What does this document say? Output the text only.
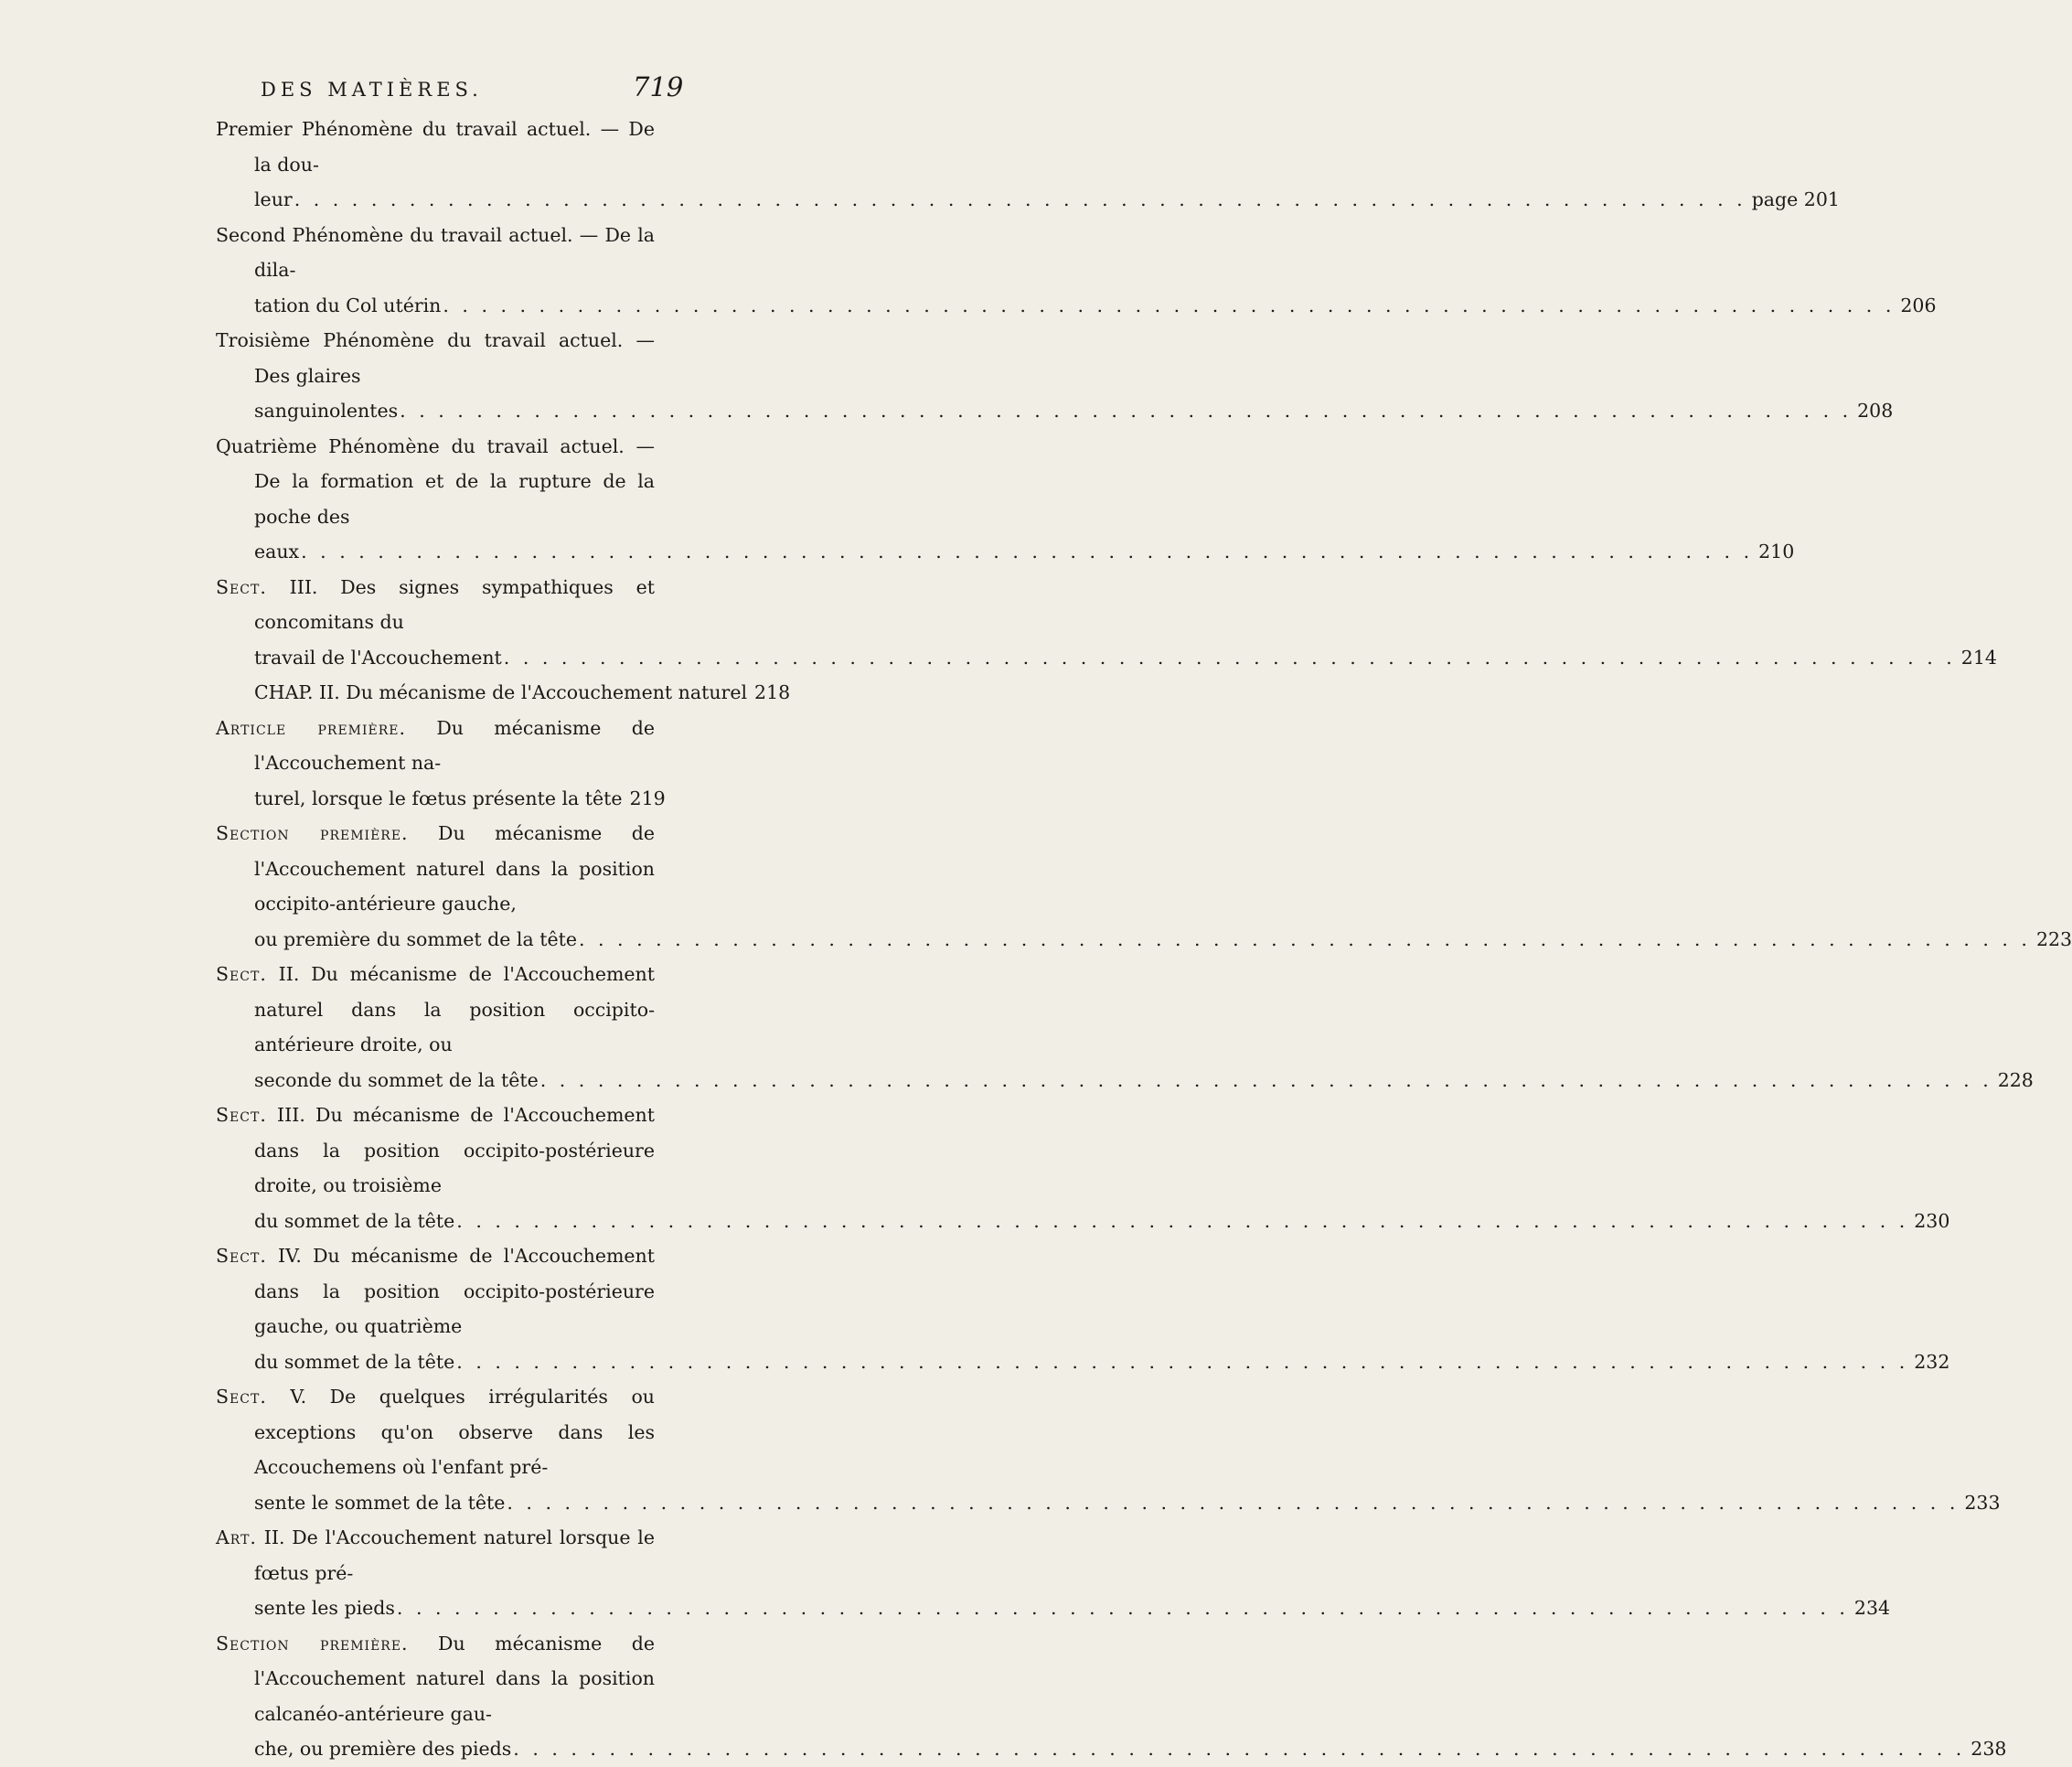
DES MATIÈRES.	719
Premier Phénomène du travail actuel. — De la dou-
leur . . .	page 201
Second Phénomène du travail actuel. — De la dila-
tation du Col utérin . . .	206
Troisième Phénomène du travail actuel. — Des glaires
sanguinolentes . . .	208
Quatrième Phénomène du travail actuel. — De la formation et de la rupture de la poche des
eaux . . .	210
Sect. III. Des signes sympathiques et concomitans du
travail de l'Accouchement . . .	214
CHAP. II. Du mécanisme de l'Accouchement naturel 218
Article première. Du mécanisme de l'Accouchement na-
turel, lorsque le fœtus présente la tête 219
Section première. Du mécanisme de l'Accouchement naturel dans la position occipito-antérieure gauche,
ou première du sommet de la tête . . .	223
Sect. II. Du mécanisme de l'Accouchement naturel dans la position occipito-antérieure droite, ou
seconde du sommet de la tête . . .	228
Sect. III. Du mécanisme de l'Accouchement dans la position occipito-postérieure droite, ou troisième
du sommet de la tête . . .	230
Sect. IV. Du mécanisme de l'Accouchement dans la position occipito-postérieure gauche, ou quatrième
du sommet de la tête . . .	232
Sect. V. De quelques irrégularités ou exceptions qu'on observe dans les Accouchemens où l'enfant pré-
sente le sommet de la tête . . .	233
Art. II. De l'Accouchement naturel lorsque le fœtus pré-
sente les pieds . . .	234
Section première. Du mécanisme de l'Accouchement naturel dans la position calcanéo-antérieure gau-
che, ou première des pieds . . .	238
